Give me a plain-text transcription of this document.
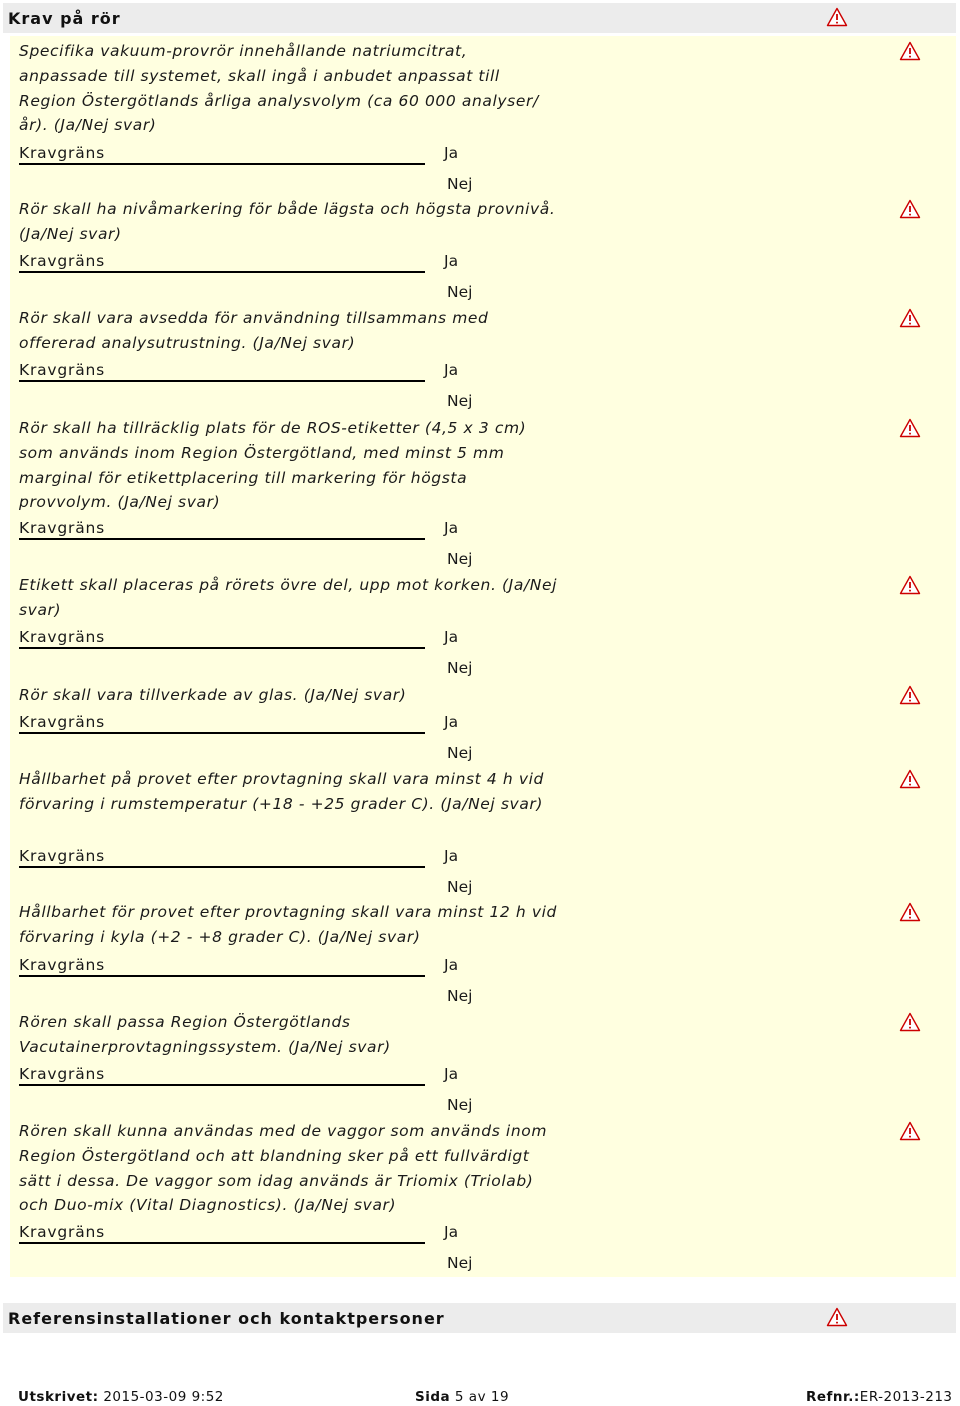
Krav på rör
Specifika vakuum-provrör innehållande natriumcitrat, anpassade till systemet, skall ingå i anbudet anpassat till Region Östergötlands årliga analysvolym (ca 60 000 analyser/år). (Ja/Nej svar)
Kravgräns	Ja
Nej
Rör skall ha nivåmarkering för både lägsta och högsta provnivå. (Ja/Nej svar)
Kravgräns	Ja
Nej
Rör skall vara avsedda för användning tillsammans med offererad analysutrustning. (Ja/Nej svar)
Kravgräns	Ja
Nej
Rör skall ha tillräcklig plats för de ROS-etiketter (4,5 x 3 cm) som används inom Region Östergötland, med minst 5 mm marginal för etikettplacering till markering för högsta provvolym. (Ja/Nej svar)
Kravgräns	Ja
Nej
Etikett skall placeras på rörets övre del, upp mot korken. (Ja/Nej svar)
Kravgräns	Ja
Nej
Rör skall vara tillverkade av glas. (Ja/Nej svar)
Kravgräns	Ja
Nej
Hållbarhet på provet efter provtagning skall vara minst 4 h vid förvaring i rumstemperatur (+18 - +25 grader C). (Ja/Nej svar)
Kravgräns	Ja
Nej
Hållbarhet för provet efter provtagning skall vara minst 12 h vid förvaring i kyla (+2 - +8 grader C). (Ja/Nej svar)
Kravgräns	Ja
Nej
Rören skall passa Region Östergötlands Vacutainerprovtagningssystem. (Ja/Nej svar)
Kravgräns	Ja
Nej
Rören skall kunna användas med de vaggor som används inom Region Östergötland och att blandning sker på ett fullvärdigt sätt i dessa. De vaggor som idag används är Triomix (Triolab) och Duo-mix (Vital Diagnostics). (Ja/Nej svar)
Kravgräns	Ja
Nej
Referensinstallationer och kontaktpersoner
Utskrivet: 2015-03-09 9:52	Sida 5 av 19	Refnr.:ER-2013-213
